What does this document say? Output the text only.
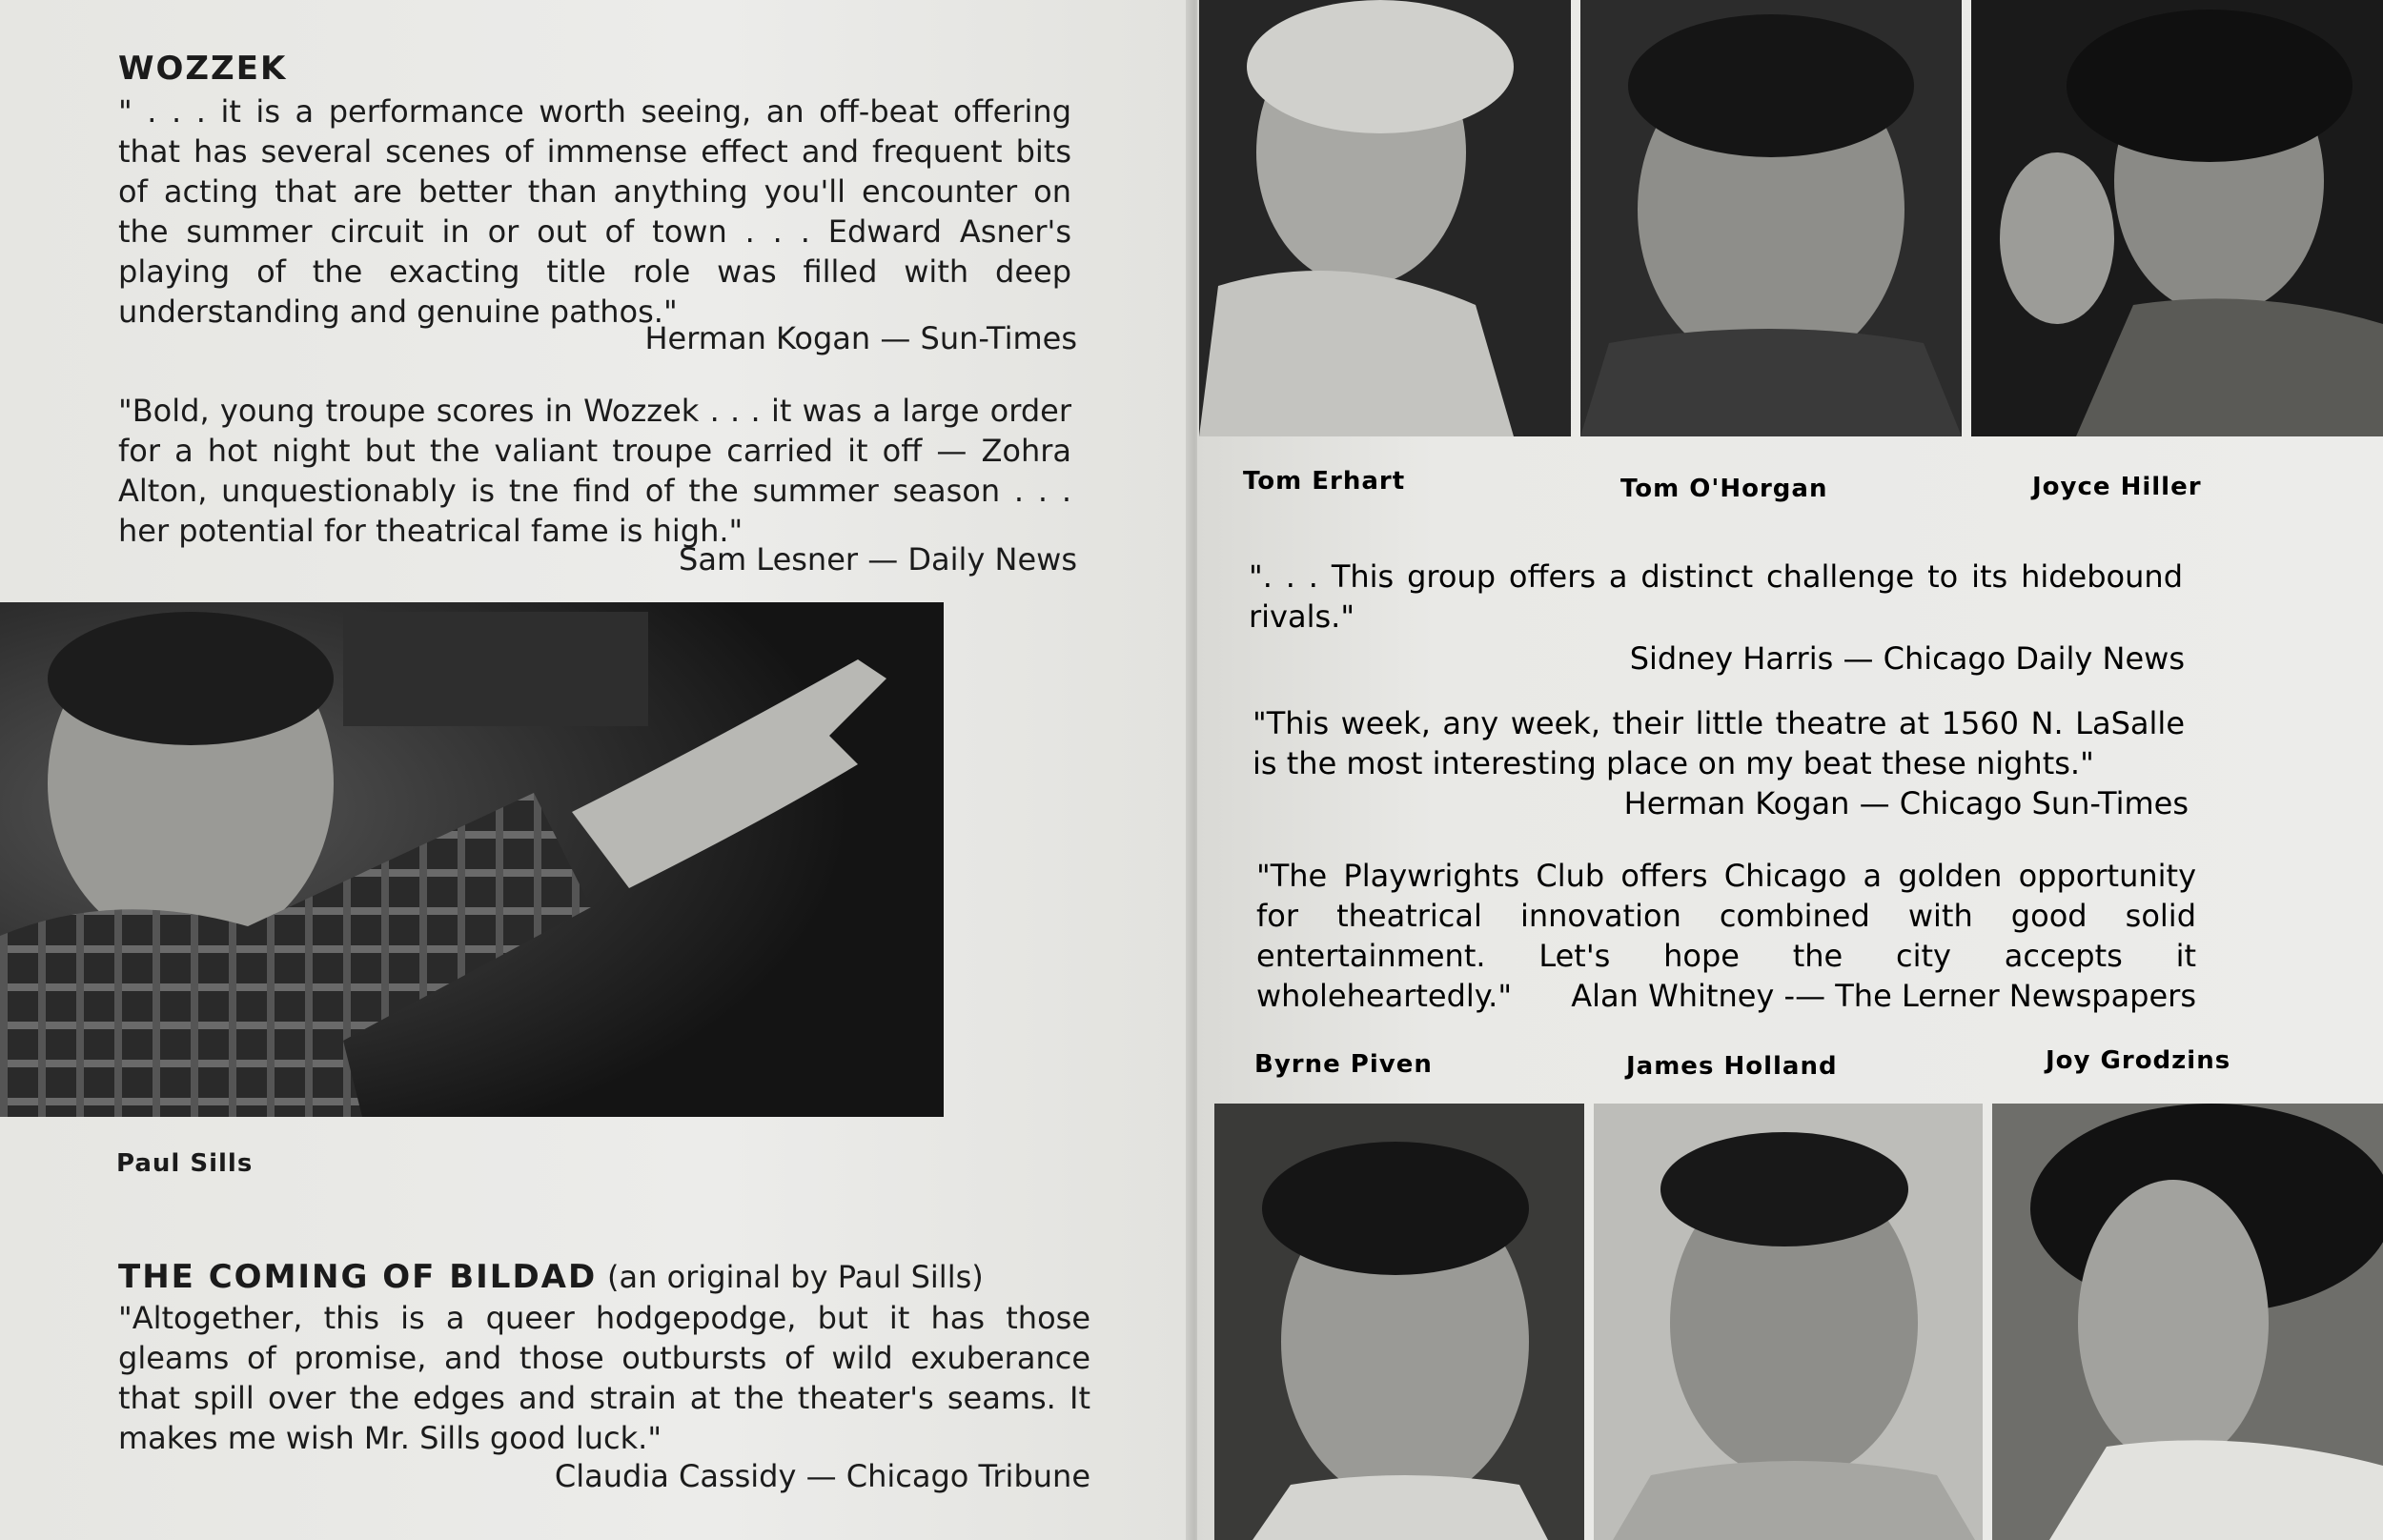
WOZZEK
" . . . it is a performance worth seeing, an off-beat offering that has several scenes of immense effect and frequent bits of acting that are better than anything you'll encounter on the summer circuit in or out of town . . . Edward Asner's playing of the exacting title role was filled with deep understanding and genuine pathos."
Herman Kogan — Sun-Times
"Bold, young troupe scores in Wozzek . . . it was a large order for a hot night but the valiant troupe carried it off — Zohra Alton, unquestionably is tne find of the summer season . . . her potential for theatrical fame is high."
Sam Lesner — Daily News
Paul Sills
THE COMING OF BILDAD (an original by Paul Sills)
"Altogether, this is a queer hodgepodge, but it has those gleams of promise, and those outbursts of wild exuberance that spill over the edges and strain at the theater's seams. It makes me wish Mr. Sills good luck."
Claudia Cassidy — Chicago Tribune
Tom Erhart	Tom O'Horgan	Joyce Hiller
". . . This group offers a distinct challenge to its hidebound rivals."
Sidney Harris — Chicago Daily News
"This week, any week, their little theatre at 1560 N. LaSalle is the most interesting place on my beat these nights."
Herman Kogan — Chicago Sun-Times
"The Playwrights Club offers Chicago a golden opportunity for theatrical innovation combined with good solid entertainment. Let's hope the city accepts it wholeheartedly."	Alan Whitney -— The Lerner Newspapers
Byrne Piven	James Holland	Joy Grodzins
